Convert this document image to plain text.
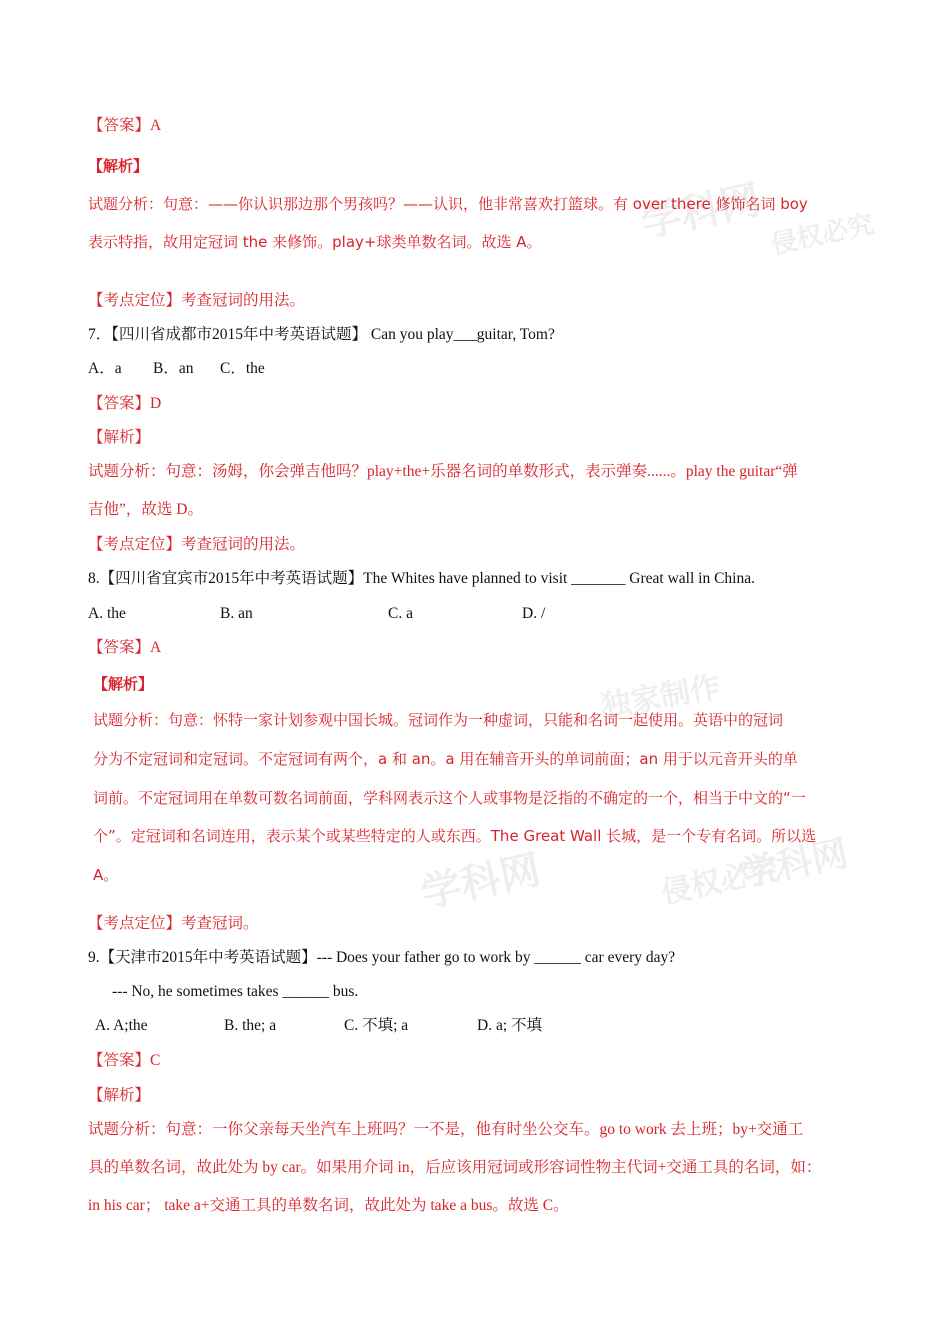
学科网 侵权必究
独家制作
学科网	侵权必究
学科网
【答案】A
【解析】
试题分析：句意：——你认识那边那个男孩吗？——认识，他非常喜欢打篮球。有 over there 修饰名词 boy
表示特指，故用定冠词 the 来修饰。play+球类单数名词。故选 A。
【考点定位】考查冠词的用法。
7．【四川省成都市2015年中考英语试题】 Can you play___guitar, Tom?
A．a B．an C．the
【答案】D
【解析】
试题分析：句意：汤姆，你会弹吉他吗？play+the+乐器名词的单数形式，表示弹奏......。play the guitar“弹
吉他”，故选 D。
【考点定位】考查冠词的用法。
8.【四川省宜宾市2015年中考英语试题】The Whites have planned to visit _______ Great wall in China.
A. the	B. an	C. a	D. /
【答案】A
【解析】
试题分析：句意：怀特一家计划参观中国长城。冠词作为一种虚词，只能和名词一起使用。英语中的冠词
分为不定冠词和定冠词。不定冠词有两个，a 和 an。a 用在辅音开头的单词前面；an 用于以元音开头的单
词前。不定冠词用在单数可数名词前面，学科网表示这个人或事物是泛指的不确定的一个，相当于中文的“一
个”。定冠词和名词连用，表示某个或某些特定的人或东西。The Great Wall 长城，是一个专有名词。所以选
A。
【考点定位】考查冠词。
9.【天津市2015年中考英语试题】--- Does your father go to work by ______ car every day?
--- No, he sometimes takes ______ bus.
A. A;the	B. the; a	C. 不填; a	D. a; 不填
【答案】C
【解析】
试题分析：句意：一你父亲每天坐汽车上班吗？一不是，他有时坐公交车。go to work 去上班；by+交通工
具的单数名词，故此处为 by car。如果用介词 in，后应该用冠词或形容词性物主代词+交通工具的名词，如：
in his car； take a+交通工具的单数名词，故此处为 take a bus。故选 C。
